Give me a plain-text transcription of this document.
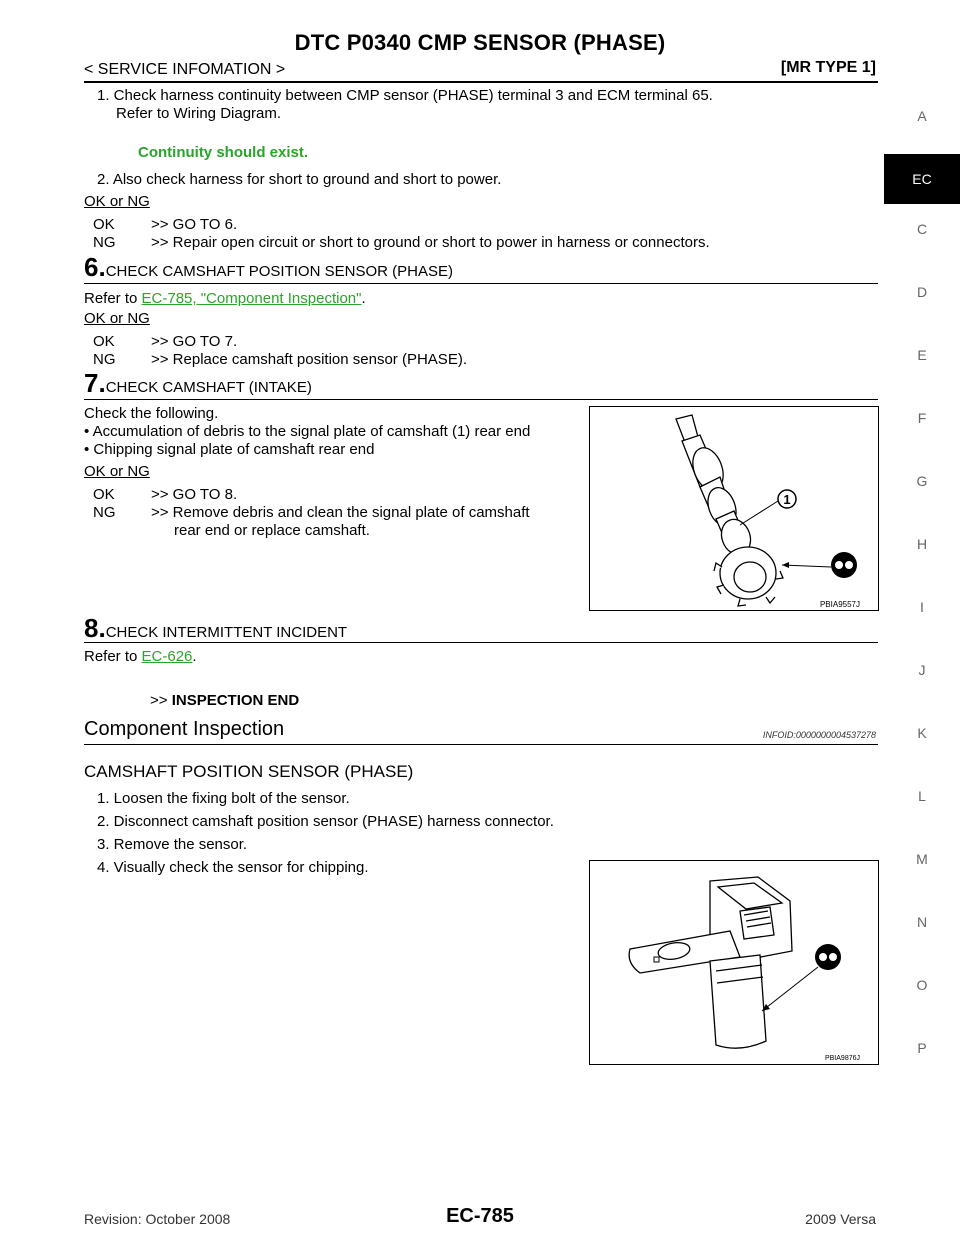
DTC P0340 CMP SENSOR (PHASE)
< SERVICE INFOMATION >	[MR TYPE 1]
A
EC
C
D
E
F
G
H
I
J
K
L
M
N
O
P
1. Check harness continuity between CMP sensor (PHASE) terminal 3 and ECM terminal 65.
Refer to Wiring Diagram.
Continuity should exist.
2. Also check harness for short to ground and short to power.
OK or NG
OK >> GO TO 6.
NG >> Repair open circuit or short to ground or short to power in harness or connectors.
6.CHECK CAMSHAFT POSITION SENSOR (PHASE)
Refer to EC-785, "Component Inspection".
OK or NG
OK >> GO TO 7.
NG >> Replace camshaft position sensor (PHASE).
7.CHECK CAMSHAFT (INTAKE)
Check the following.
• Accumulation of debris to the signal plate of camshaft (1) rear end
• Chipping signal plate of camshaft rear end
OK or NG
OK >> GO TO 8.
NG >> Remove debris and clean the signal plate of camshaft
rear end or replace camshaft.
1
PBIA9557J
8.CHECK INTERMITTENT INCIDENT
Refer to EC-626.
>> INSPECTION END
Component Inspection	INFOID:0000000004537278
CAMSHAFT POSITION SENSOR (PHASE)
1. Loosen the fixing bolt of the sensor.
2. Disconnect camshaft position sensor (PHASE) harness connector.
3. Remove the sensor.
4. Visually check the sensor for chipping.
PBIA9876J
Revision: October 2008	EC-785	2009 Versa
